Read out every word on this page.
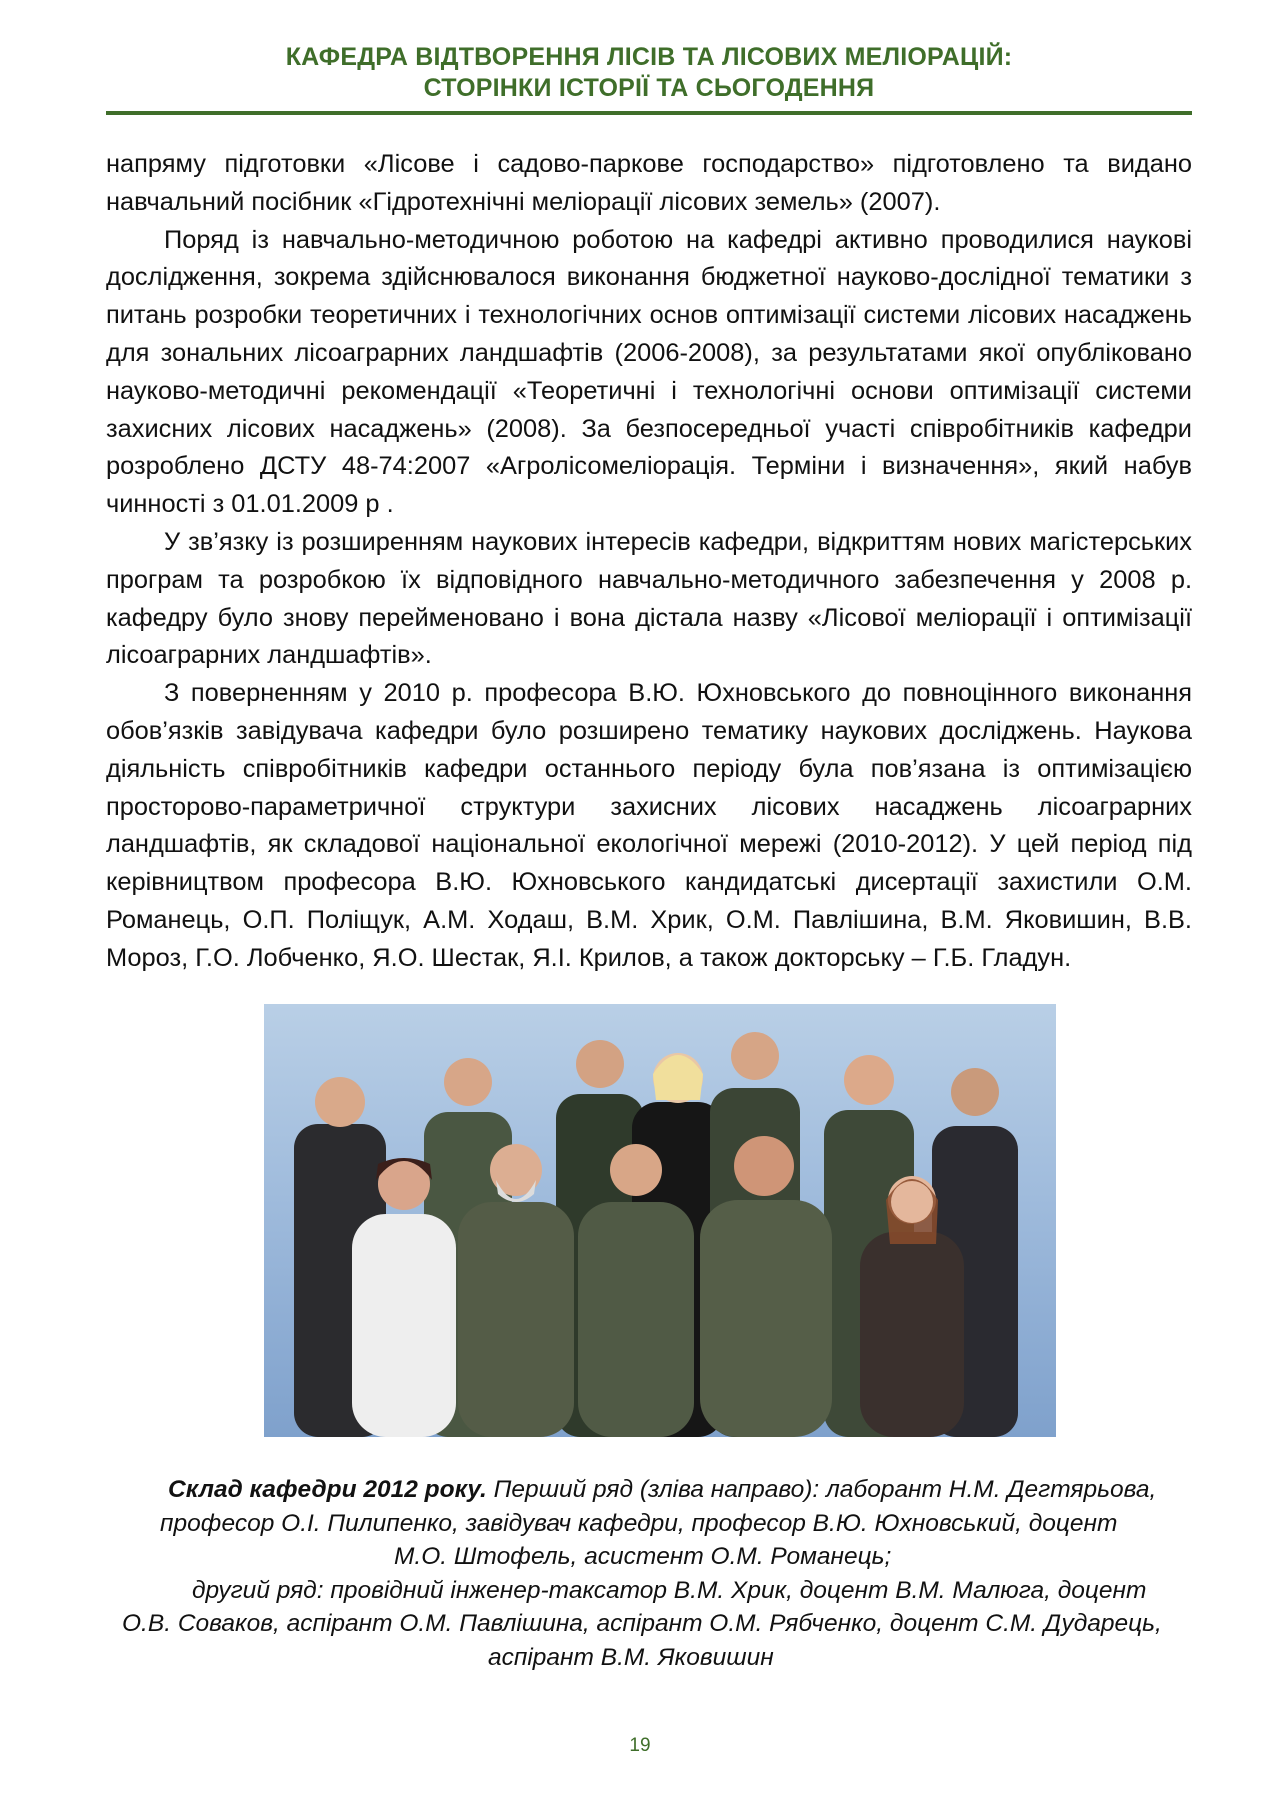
КАФЕДРА ВІДТВОРЕННЯ ЛІСІВ ТА ЛІСОВИХ МЕЛІОРАЦІЙ:
СТОРІНКИ ІСТОРІЇ ТА СЬОГОДЕННЯ

напряму підготовки «Лісове і садово-паркове господарство» підготовлено та видано навчальний посібник «Гідротехнічні меліорації лісових земель» (2007).

Поряд із навчально-методичною роботою на кафедрі активно проводилися наукові дослідження, зокрема здійснювалося виконання бюджетної науково-дослідної тематики з питань розробки теоретичних і технологічних основ оптимізації системи лісових насаджень для зональних лісоаграрних ландшафтів (2006-2008), за результатами якої опубліковано науково-методичні рекомендації «Теоретичні і технологічні основи оптимізації системи захисних лісових насаджень» (2008). За безпосередньої участі співробітників кафедри розроблено ДСТУ 48-74:2007 «Агролісомеліорація. Терміни і визначення», який набув чинності з 01.01.2009 р .

У зв’язку із розширенням наукових інтересів кафедри, відкриттям нових магістерських програм та розробкою їх відповідного навчально-методичного забезпечення у 2008 р. кафедру було знову перейменовано і вона дістала назву «Лісової меліорації і оптимізації лісоаграрних ландшафтів».

З поверненням у 2010 р. професора В.Ю. Юхновського до повноцінного виконання обов’язків завідувача кафедри було розширено тематику наукових досліджень. Наукова діяльність співробітників кафедри останнього періоду була пов’язана із оптимізацією просторово-параметричної структури захисних лісових насаджень лісоаграрних ландшафтів, як складової національної екологічної мережі (2010-2012). У цей період під керівництвом професора В.Ю. Юхновського кандидатські дисертації захистили О.М. Романець, О.П. Поліщук, А.М. Ходаш, В.М. Хрик, О.М. Павлішина, В.М. Яковишин, В.В. Мороз, Г.О. Лобченко, Я.О. Шестак, Я.І. Крилов, а також докторську – Г.Б. Гладун.

Склад кафедри 2012 року. Перший ряд (зліва направо): лаборант Н.М. Дегтярьова,
професор О.І. Пилипенко, завідувач кафедри, професор В.Ю. Юхновський, доцент
М.О. Штофель, асистент О.М. Романець;
другий ряд: провідний інженер-таксатор В.М. Хрик, доцент В.М. Малюга, доцент
О.В. Соваков, аспірант О.М. Павлішина, аспірант О.М. Рябченко, доцент С.М. Дударець,
аспірант В.М. Яковишин
19
